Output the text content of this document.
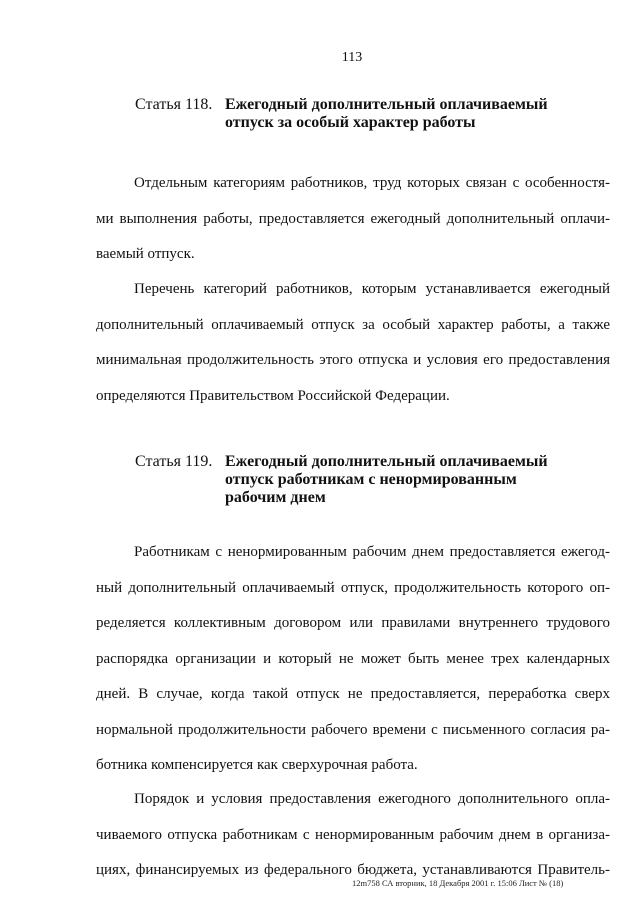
113
Статья 118. Ежегодный дополнительный оплачиваемый
отпуск за особый характер работы

Отдельным категориям работников, труд которых связан с особенностя-
ми выполнения работы, предоставляется ежегодный дополнительный оплачи-
ваемый отпуск.

Перечень категорий работников, которым устанавливается ежегодный
дополнительный оплачиваемый отпуск за особый характер работы, а также
минимальная продолжительность этого отпуска и условия его предоставления
определяются Правительством Российской Федерации.

Статья 119. Ежегодный дополнительный оплачиваемый
отпуск работникам с ненормированным
рабочим днем

Работникам с ненормированным рабочим днем предоставляется ежегод-
ный дополнительный оплачиваемый отпуск, продолжительность которого оп-
ределяется коллективным договором или правилами внутреннего трудового
распорядка организации и который не может быть менее трех календарных
дней. В случае, когда такой отпуск не предоставляется, переработка сверх
нормальной продолжительности рабочего времени с письменного согласия ра-
ботника компенсируется как сверхурочная работа.

Порядок и условия предоставления ежегодного дополнительного опла-
чиваемого отпуска работникам с ненормированным рабочим днем в организа-
циях, финансируемых из федерального бюджета, устанавливаются Правитель-

12m758 СА вторник, 18 Декабря 2001 г. 15:06 Лист № (18)
